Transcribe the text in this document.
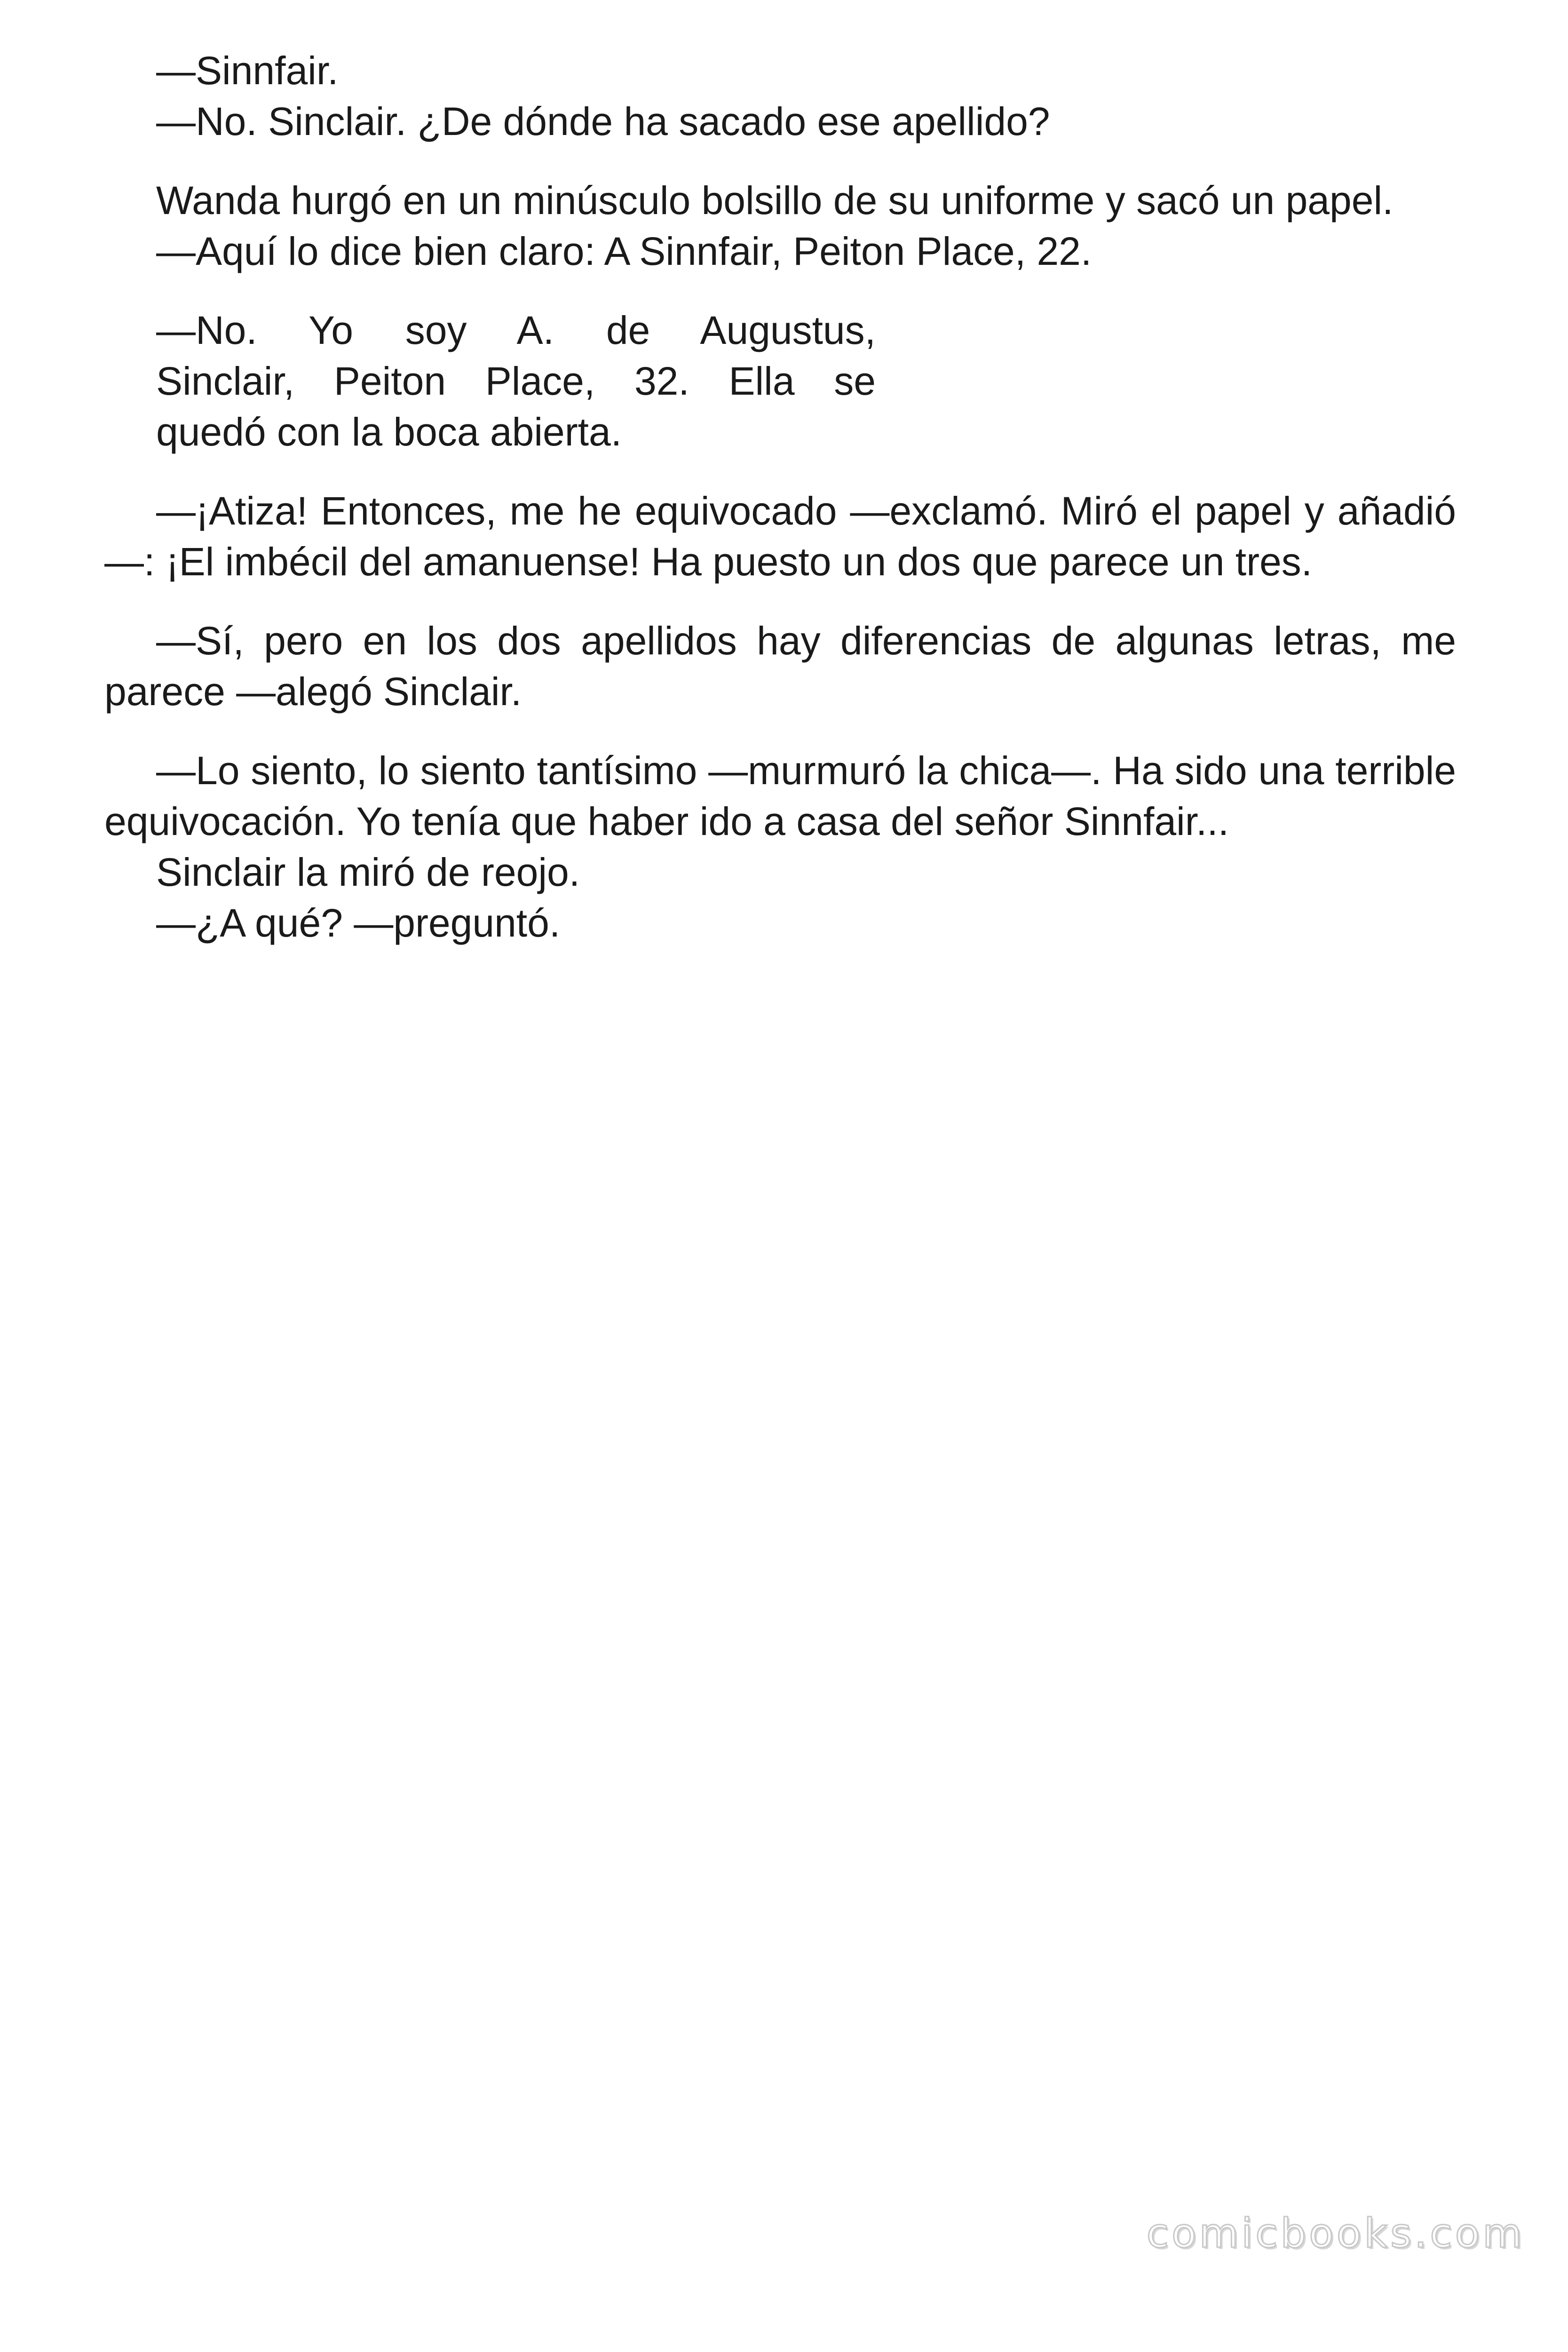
—Sinnfair.
—No. Sinclair. ¿De dónde ha sacado ese apellido?
Wanda hurgó en un minúsculo bolsillo de su uniforme y sacó un papel.
—Aquí lo dice bien claro: A Sinnfair, Peiton Place, 22.
—No. Yo soy A. de Augustus,
Sinclair, Peiton Place, 32. Ella se
quedó con la boca abierta.
—¡Atiza! Entonces, me he equivocado —exclamó. Miró el papel y añadió—: ¡El imbécil del amanuense! Ha puesto un dos que parece un tres.
—Sí, pero en los dos apellidos hay diferencias de algunas letras, me parece —alegó Sinclair.
—Lo siento, lo siento tantísimo —murmuró la chica—. Ha sido una terrible equivocación. Yo tenía que haber ido a casa del señor Sinnfair...
Sinclair la miró de reojo.
—¿A qué? —preguntó.
comicbooks.com
